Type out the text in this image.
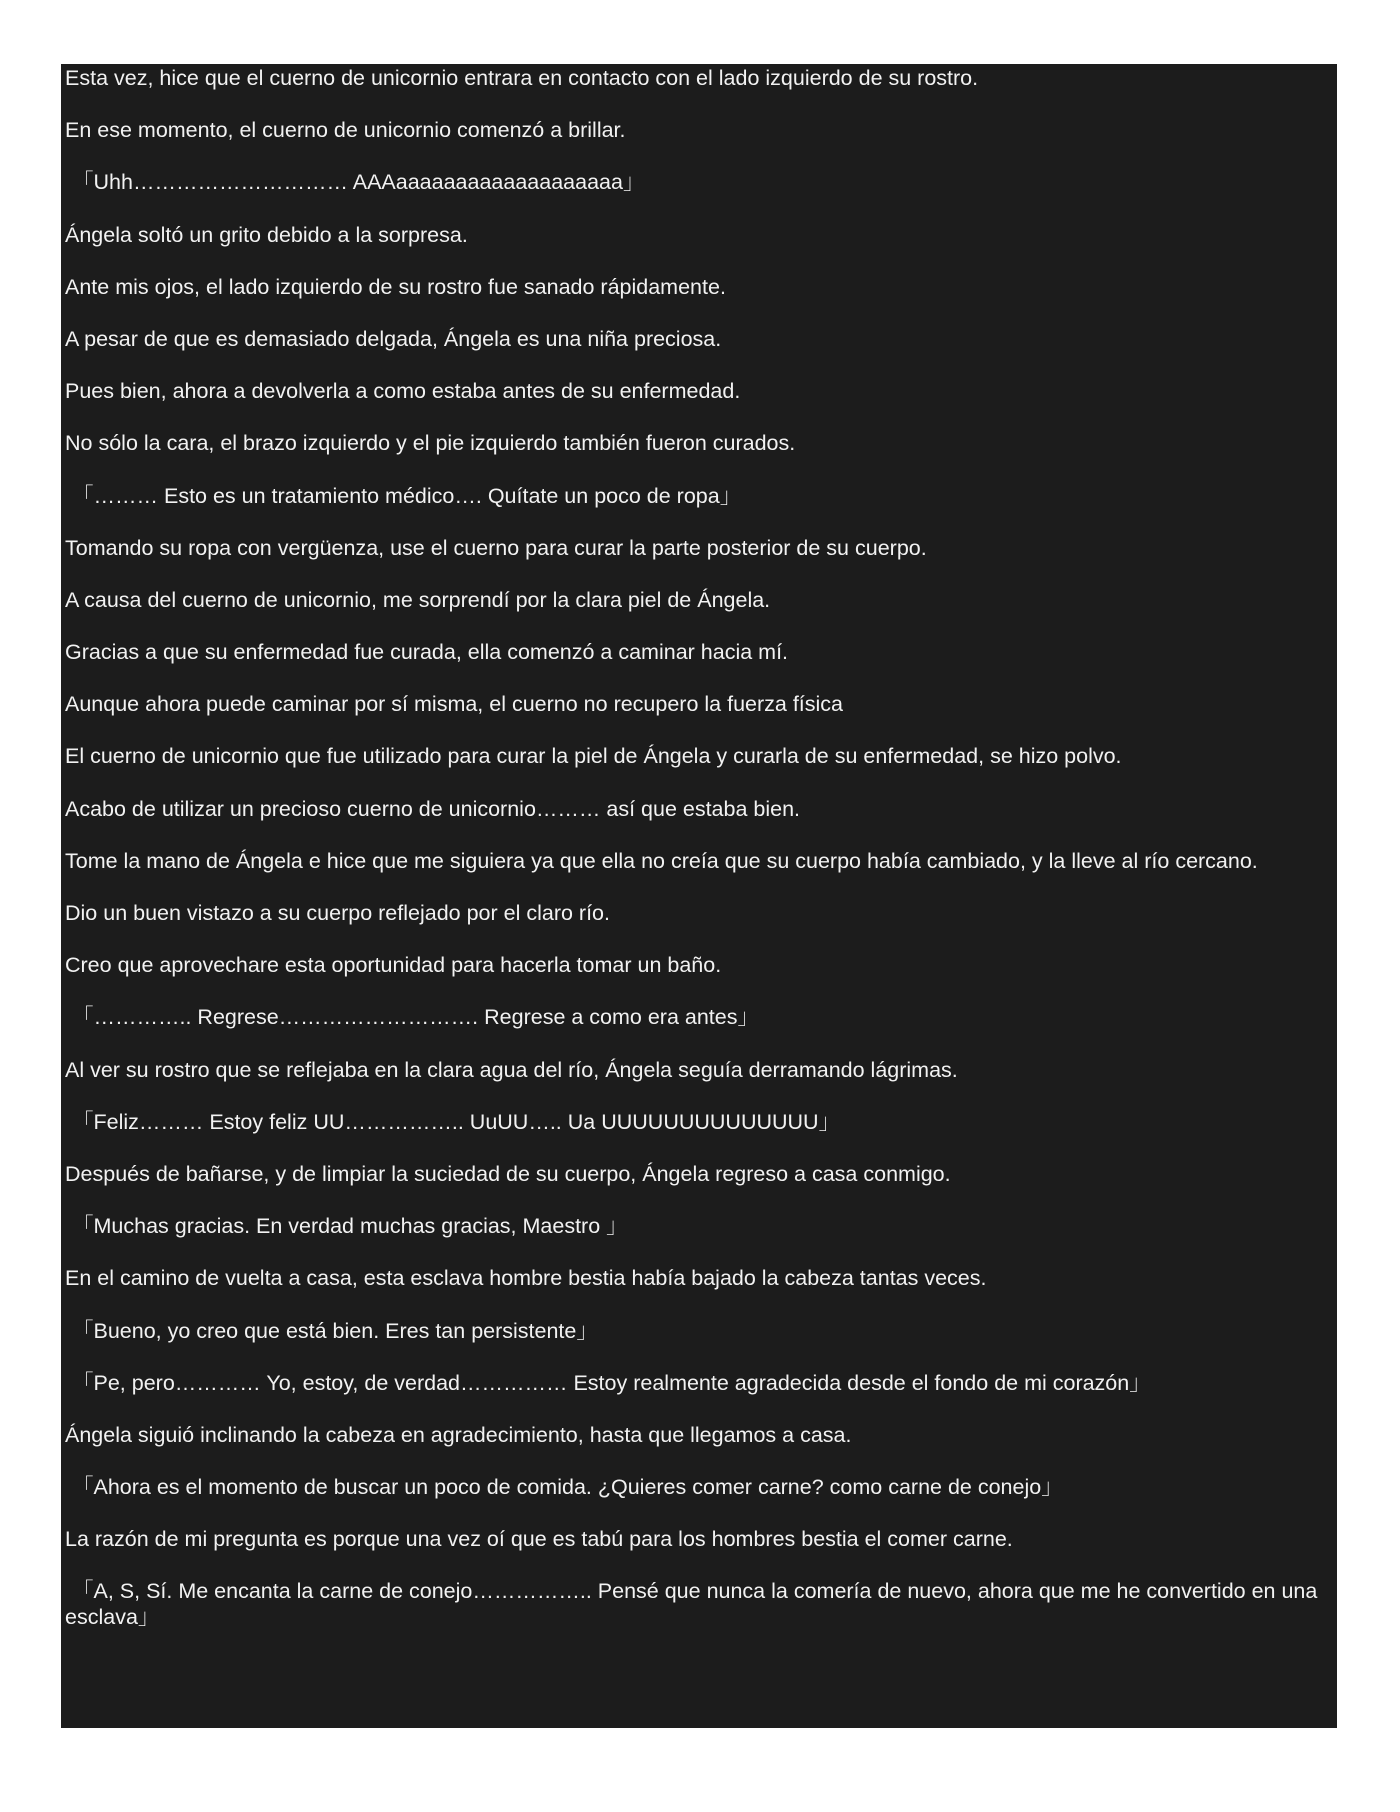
Esta vez, hice que el cuerno de unicornio entrara en contacto con el lado izquierdo de su rostro.

En ese momento, el cuerno de unicornio comenzó a brillar.

「Uhh………………………… AAAaaaaaaaaaaaaaaaaaaa」

Ángela soltó un grito debido a la sorpresa.

Ante mis ojos, el lado izquierdo de su rostro fue sanado rápidamente.

A pesar de que es demasiado delgada, Ángela es una niña preciosa.

Pues bien, ahora a devolverla a como estaba antes de su enfermedad.

No sólo la cara, el brazo izquierdo y el pie izquierdo también fueron curados.

「……… Esto es un tratamiento médico…. Quítate un poco de ropa」

Tomando su ropa con vergüenza, use el cuerno para curar la parte posterior de su cuerpo.

A causa del cuerno de unicornio, me sorprendí por la clara piel de Ángela.

Gracias a que su enfermedad fue curada, ella comenzó a caminar hacia mí.

Aunque ahora puede caminar por sí misma, el cuerno no recupero la fuerza física

El cuerno de unicornio que fue utilizado para curar la piel de Ángela y curarla de su enfermedad, se hizo polvo.

Acabo de utilizar un precioso cuerno de unicornio……… así que estaba bien.

Tome la mano de Ángela e hice que me siguiera ya que ella no creía que su cuerpo había cambiado, y la lleve al río cercano.

Dio un buen vistazo a su cuerpo reflejado por el claro río.

Creo que aprovechare esta oportunidad para hacerla tomar un baño.

「………….. Regrese………………………. Regrese a como era antes」

Al ver su rostro que se reflejaba en la clara agua del río, Ángela seguía derramando lágrimas.

「Feliz……… Estoy feliz UU…………….. UuUU….. Ua UUUUUUUUUUUUUU」

Después de bañarse, y de limpiar la suciedad de su cuerpo, Ángela regreso a casa conmigo.

「Muchas gracias. En verdad muchas gracias, Maestro 」

En el camino de vuelta a casa, esta esclava hombre bestia había bajado la cabeza tantas veces.

「Bueno, yo creo que está bien. Eres tan persistente」

「Pe, pero………… Yo, estoy, de verdad…………… Estoy realmente agradecida desde el fondo de mi corazón」

Ángela siguió inclinando la cabeza en agradecimiento, hasta que llegamos a casa.

「Ahora es el momento de buscar un poco de comida. ¿Quieres comer carne? como carne de conejo」

La razón de mi pregunta es porque una vez oí que es tabú para los hombres bestia el comer carne.

「A, S, Sí. Me encanta la carne de conejo…………….. Pensé que nunca la comería de nuevo, ahora que me he convertido en una esclava」
